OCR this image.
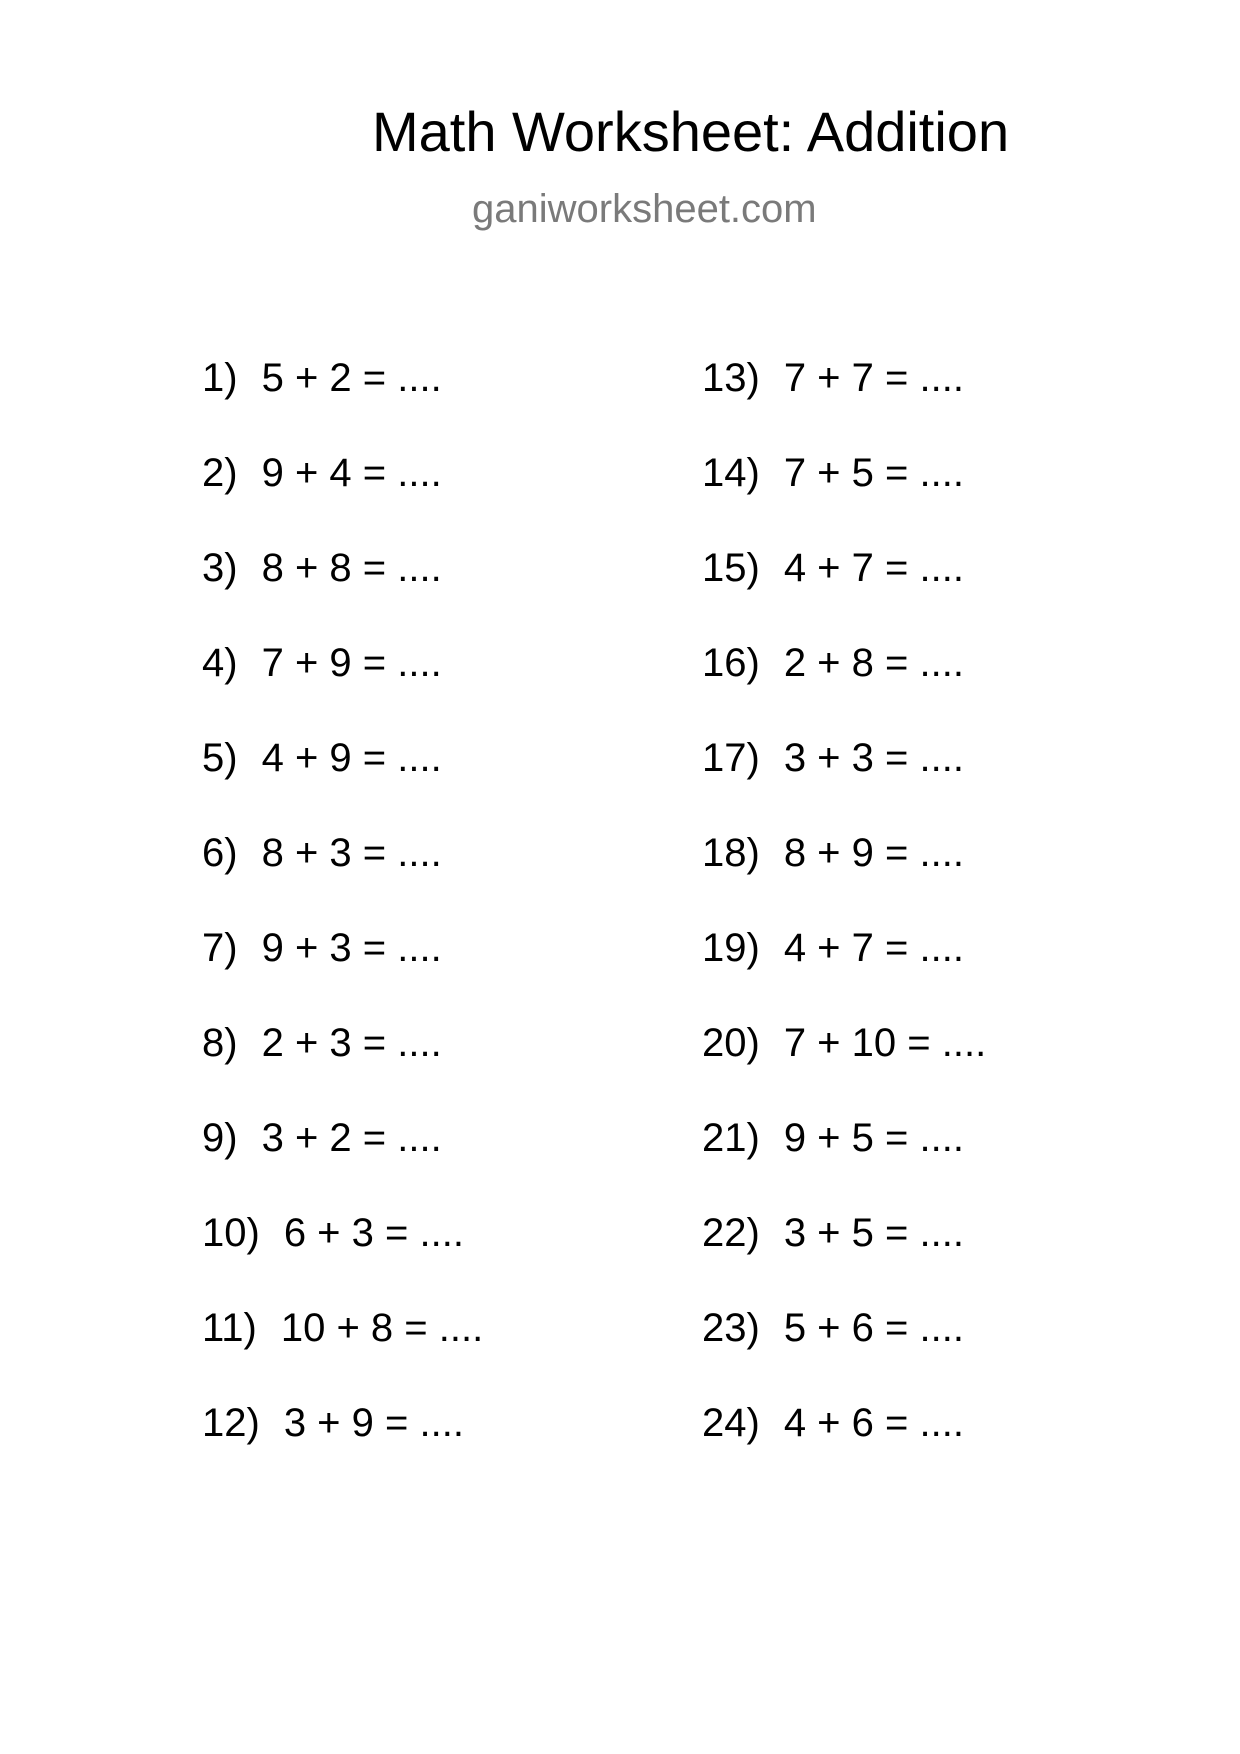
Math Worksheet: Addition
ganiworksheet.com
1) 5 + 2 = ....
2) 9 + 4 = ....
3) 8 + 8 = ....
4) 7 + 9 = ....
5) 4 + 9 = ....
6) 8 + 3 = ....
7) 9 + 3 = ....
8) 2 + 3 = ....
9) 3 + 2 = ....
10) 6 + 3 = ....
11) 10 + 8 = ....
12) 3 + 9 = ....
13) 7 + 7 = ....
14) 7 + 5 = ....
15) 4 + 7 = ....
16) 2 + 8 = ....
17) 3 + 3 = ....
18) 8 + 9 = ....
19) 4 + 7 = ....
20) 7 + 10 = ....
21) 9 + 5 = ....
22) 3 + 5 = ....
23) 5 + 6 = ....
24) 4 + 6 = ....
